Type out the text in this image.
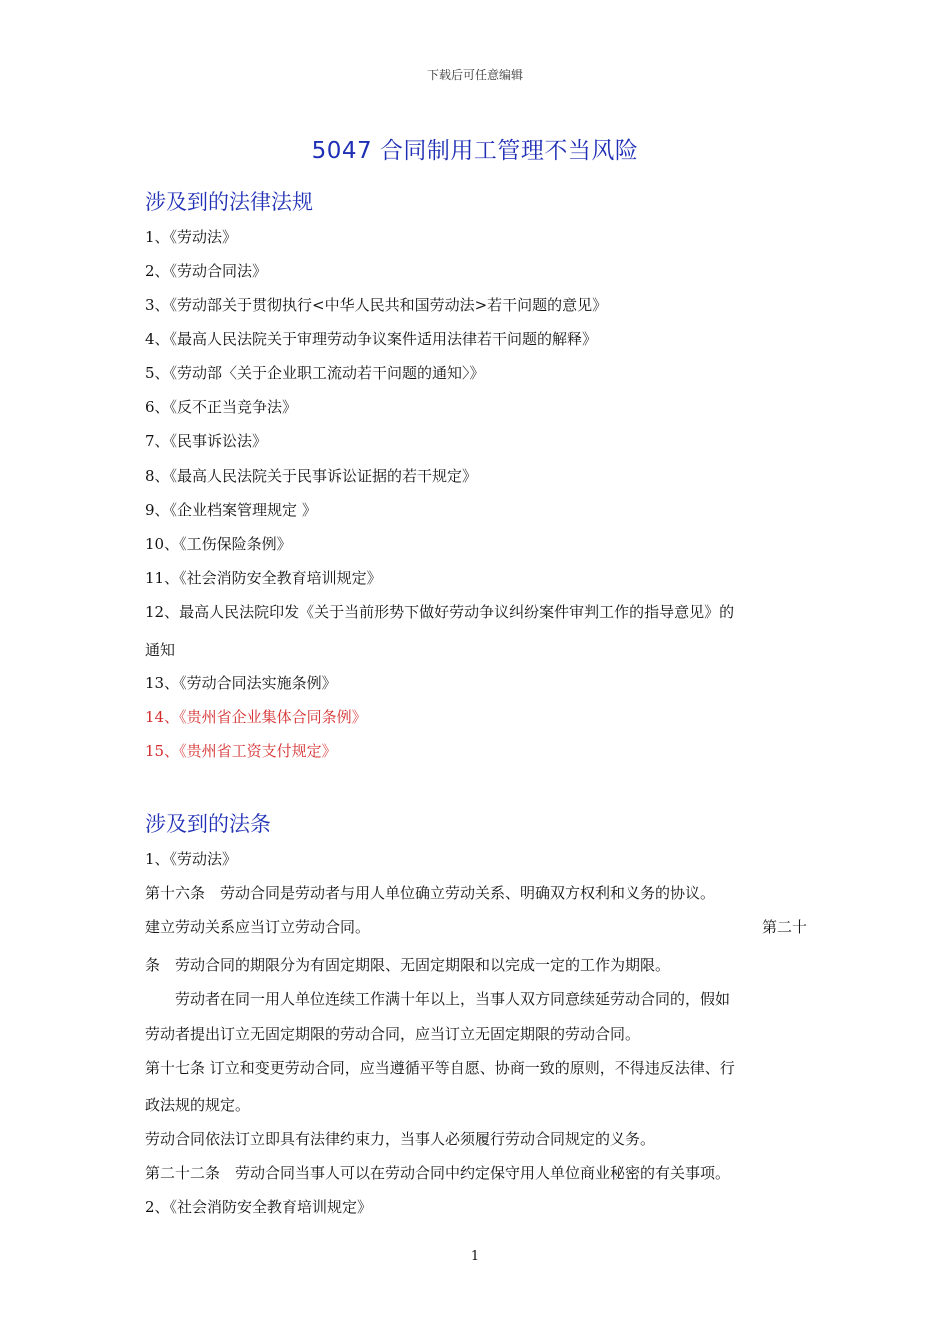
下载后可任意编辑
5047 合同制用工管理不当风险
涉及到的法律法规
1、《劳动法》
2、《劳动合同法》
3、《劳动部关于贯彻执行<中华人民共和国劳动法>若干问题的意见》
4、《最高人民法院关于审理劳动争议案件适用法律若干问题的解释》
5、《劳动部〈关于企业职工流动若干问题的通知〉》
6、《反不正当竞争法》
7、《民事诉讼法》
8、《最高人民法院关于民事诉讼证据的若干规定》
9、《企业档案管理规定 》
10、《工伤保险条例》
11、《社会消防安全教育培训规定》
12、最高人民法院印发《关于当前形势下做好劳动争议纠纷案件审判工作的指导意见》的
通知
13、《劳动合同法实施条例》
14、《贵州省企业集体合同条例》
15、《贵州省工资支付规定》
涉及到的法条
1、《劳动法》
第十六条　劳动合同是劳动者与用人单位确立劳动关系、明确双方权利和义务的协议。
建立劳动关系应当订立劳动合同。	第二十
条　劳动合同的期限分为有固定期限、无固定期限和以完成一定的工作为期限。
　　劳动者在同一用人单位连续工作满十年以上，当事人双方同意续延劳动合同的，假如
劳动者提出订立无固定期限的劳动合同，应当订立无固定期限的劳动合同。
第十七条 订立和变更劳动合同，应当遵循平等自愿、协商一致的原则，不得违反法律、行
政法规的规定。
劳动合同依法订立即具有法律约束力，当事人必须履行劳动合同规定的义务。
第二十二条　劳动合同当事人可以在劳动合同中约定保守用人单位商业秘密的有关事项。
2、《社会消防安全教育培训规定》
1
